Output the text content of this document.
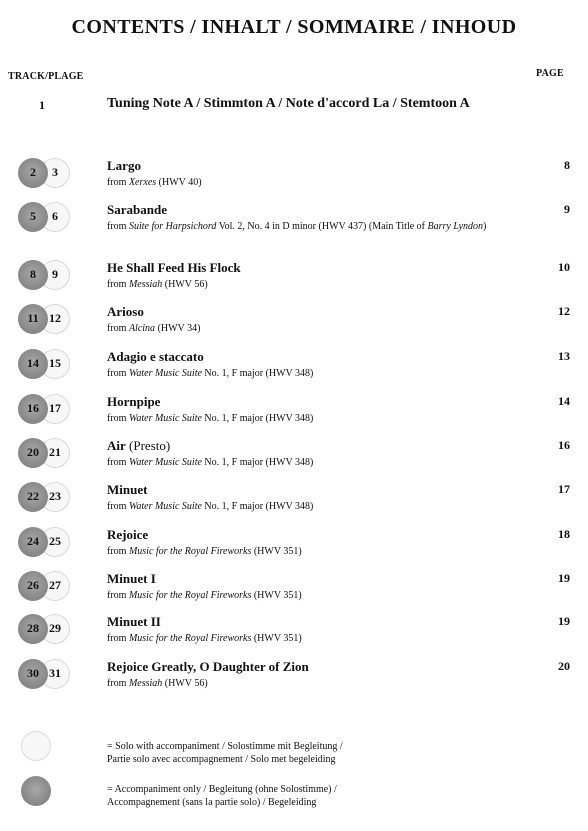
CONTENTS / INHALT / SOMMAIRE / INHOUD
TRACK/PLAGE	PAGE
1	Tuning Note A / Stimmton A / Note d'accord La / Stemtoon A
2	3	Largo
from Xerxes (HWV 40)
8
5	6	Sarabande
from Suite for Harpsichord Vol. 2, No. 4 in D minor (HWV 437) (Main Title of Barry Lyndon)
9
8	9	He Shall Feed His Flock
from Messiah (HWV 56)
10
11 12	Arioso
from Alcina (HWV 34)
12
14 15	Adagio e staccato
from Water Music Suite No. 1, F major (HWV 348)
13
16 17	Hornpipe
from Water Music Suite No. 1, F major (HWV 348)
14
20 21	Air (Presto)
from Water Music Suite No. 1, F major (HWV 348)
16
22 23	Minuet
from Water Music Suite No. 1, F major (HWV 348)
17
24 25	Rejoice
from Music for the Royal Fireworks (HWV 351)
18
26 27	Minuet I
from Music for the Royal Fireworks (HWV 351)
19
28 29	Minuet II
from Music for the Royal Fireworks (HWV 351)
19
30 31	Rejoice Greatly, O Daughter of Zion
from Messiah (HWV 56)
20
= Solo with accompaniment / Solostimme mit Begleitung /
Partie solo avec accompagnement / Solo met begeleiding
= Accompaniment only / Begleitung (ohne Solostimme) /
Accompagnement (sans la partie solo) / Begeleiding
